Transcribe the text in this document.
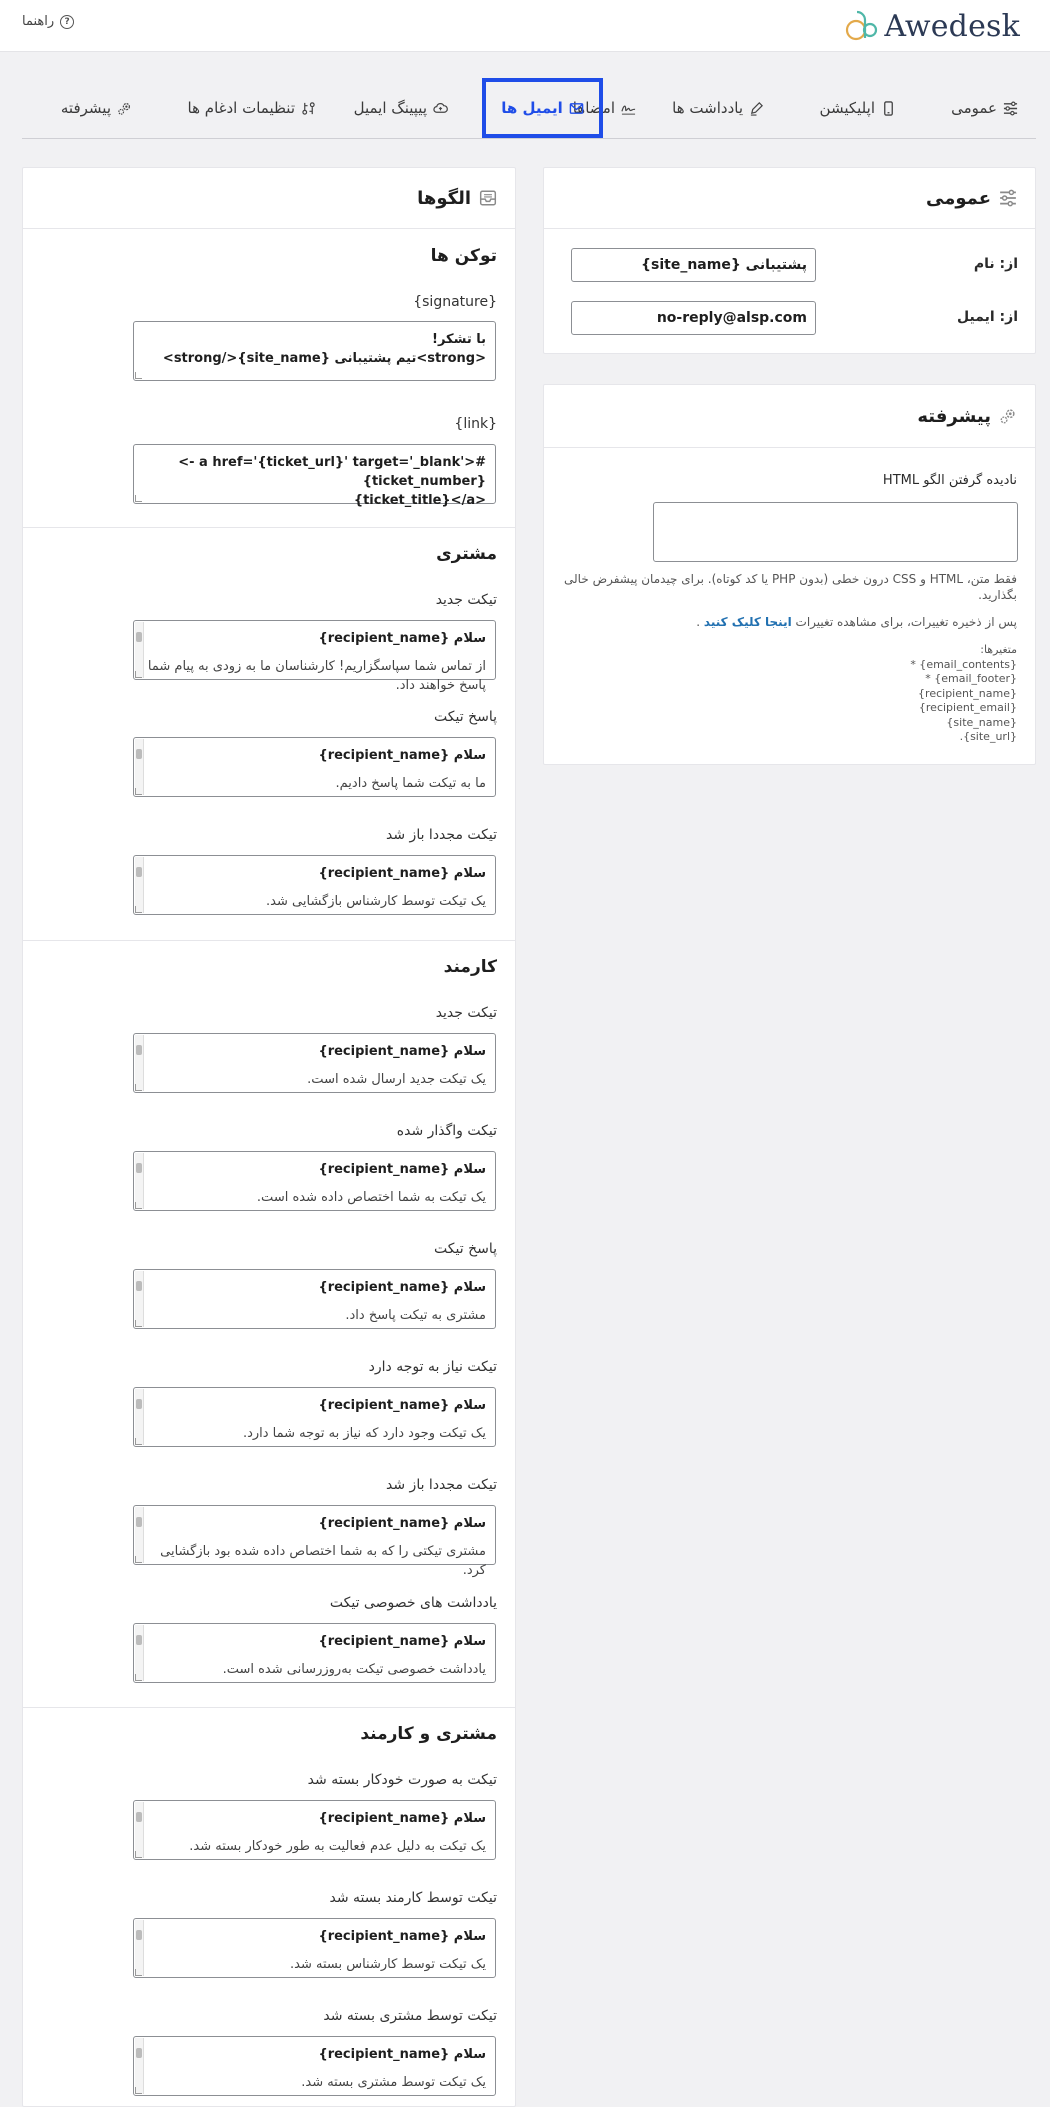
Awedesk
?
راهنما
عمومی
اپلیکیشن
یادداشت ها
امضاها
ایمیل ها
پیپینگ ایمیل
تنظیمات ادغام ها
پیشرفته
عمومی
از: نام
{site_name} پشتیبانی
از: ایمیل
no-reply@alsp.com
پیشرفته
نادیده گرفتن الگو HTML
فقط متن، HTML و CSS درون خطی (بدون PHP یا کد کوتاه). برای چیدمان پیشفرض خالی بگذارید.
پس از ذخیره تغییرات، برای مشاهده تغییرات اینجا کلیک کنید .
متغیرها:
{email_contents} *
{email_footer} *
{recipient_name}
{recipient_email}
{site_name}
{site_url}.
الگوها
توکن ها
{signature}
با تشکر!
<strong>تیم پشتیبانی {site_name}</strong>
{link}
<- a href='{ticket_url}' target='_blank'>#{ticket_number}
{ticket_title}</a>
مشتری
تیکت جدید
سلام {recipient_name}
از تماس شما سپاسگزاریم! کارشناسان ما به زودی به پیام شما پاسخ خواهند داد.
پاسخ تیکت
سلام {recipient_name}
ما به تیکت شما پاسخ دادیم.
تیکت مجددا باز شد
سلام {recipient_name}
یک تیکت توسط کارشناس بازگشایی شد.
کارمند
تیکت جدید
سلام {recipient_name}
یک تیکت جدید ارسال شده است.
تیکت واگذار شده
سلام {recipient_name}
یک تیکت به شما اختصاص داده شده است.
پاسخ تیکت
سلام {recipient_name}
مشتری به تیکت پاسخ داد.
تیکت نیاز به توجه دارد
سلام {recipient_name}
یک تیکت وجود دارد که نیاز به توجه شما دارد.
تیکت مجددا باز شد
سلام {recipient_name}
مشتری تیکتی را که به شما اختصاص داده شده بود بازگشایی کرد.
یادداشت های خصوصی تیکت
سلام {recipient_name}
یادداشت خصوصی تیکت به‌روزرسانی شده است.
مشتری و کارمند
تیکت به صورت خودکار بسته شد
سلام {recipient_name}
یک تیکت به دلیل عدم فعالیت به طور خودکار بسته شد.
تیکت توسط کارمند بسته شد
سلام {recipient_name}
یک تیکت توسط کارشناس بسته شد.
تیکت توسط مشتری بسته شد
سلام {recipient_name}
یک تیکت توسط مشتری بسته شد.
